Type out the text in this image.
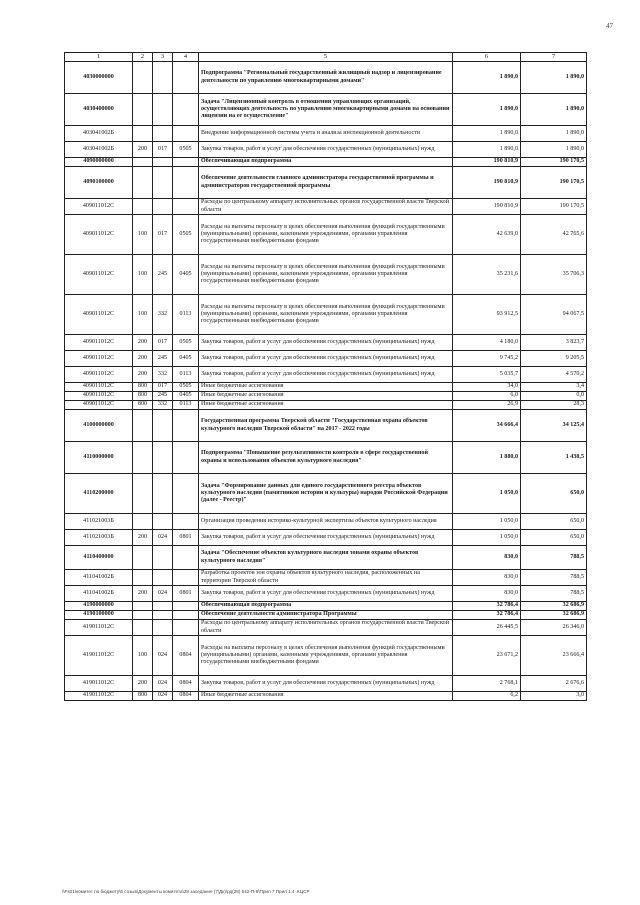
47
1	2	3	4	5	6	7
4030000000				Подпрограмма "Региональный государственный жилищный надзор и лицензирование деятельности по управлению многоквартирными домами"	1 890,0	1 890,0
4030400000				Задача "Лицензионный контроль в отношении управляющих организаций, осуществляющих деятельность по управлению многоквартирными домами на основании лицензии на ее осуществление"	1 890,0	1 890,0
403041002Б				Внедрение информационной системы учета и анализа инспекционной деятельности	1 890,0	1 890,0
403041002Б	200	017	0505	Закупка товаров, работ и услуг для обеспечения государственных (муниципальных) нужд	1 890,0	1 890,0
4090000000				Обеспечивающая подпрограмма	190 810,9	190 170,5
4090100000				Обеспечение деятельности главного администратора государственной программы и администраторов государственной программы	190 810,9	190 170,5
409011012С				Расходы по центральному аппарату исполнительных органов государственной власти Тверской области	190 810,9	190 170,5
409011012С	100	017	0505	Расходы на выплаты персоналу в целях обеспечения выполнения функций государственными (муниципальными) органами, казенными учреждениями, органами управления государственными внебюджетными фондами	42 639,0	42 765,6
409011012С	100	245	0405	Расходы на выплаты персоналу в целях обеспечения выполнения функций государственными (муниципальными) органами, казенными учреждениями, органами управления государственными внебюджетными фондами	35 231,6	35 706,3
409011012С	100	332	0113	Расходы на выплаты персоналу в целях обеспечения выполнения функций государственными (муниципальными) органами, казенными учреждениями, органами управления государственными внебюджетными фондами	93 912,5	94 067,5
409011012С	200	017	0505	Закупка товаров, работ и услуг для обеспечения государственных (муниципальных) нужд	4 180,0	3 823,7
409011012С	200	245	0405	Закупка товаров, работ и услуг для обеспечения государственных (муниципальных) нужд	9 745,2	9 205,5
409011012С	200	332	0113	Закупка товаров, работ и услуг для обеспечения государственных (муниципальных) нужд	5 035,7	4 570,2
409011012С	800	017	0505	Иные бюджетные ассигнования	34,0	3,4
409011012С	800	245	0405	Иные бюджетные ассигнования	6,0	0,0
409011012С	800	332	0113	Иные бюджетные ассигнования	26,9	28,3
4100000000				Государственная программа Тверской области "Государственная охрана объектов культурного наследия Тверской области" на 2017 - 2022 годы	34 666,4	34 125,4
4110000000				Подпрограмма "Повышение результативности контроля в сфере государственной охраны и использования объектов культурного наследия"	1 880,0	1 438,5
4110200000				Задача "Формирование данных для единого государственного реестра объектов культурного наследия (памятников истории и культуры) народов Российской Федерации (далее - Реестр)"	1 050,0	650,0
411021003Б				Организация проведения историко-культурной экспертизы объектов культурного наследия	1 050,0	650,0
411021003Б	200	024	0801	Закупка товаров, работ и услуг для обеспечения государственных (муниципальных) нужд	1 050,0	650,0
4110400000				Задача "Обеспечение объектов культурного наследия зонами охраны объектов культурного наследия"	830,0	788,5
411041002Б				Разработка проектов зон охраны объектов культурного наследия, расположенных на территории Тверской области	830,0	788,5
411041002Б	200	024	0801	Закупка товаров, работ и услуг для обеспечения государственных (муниципальных) нужд	830,0	788,5
4190000000				Обеспечивающая подпрограмма	32 786,4	32 686,9
4190100000				Обеспечение деятельности администратора Программы	32 786,4	32 686,9
419011012С				Расходы по центральному аппарату исполнительных органов государственной власти Тверской области	26 445,5	26 346,0
419011012С	100	024	0804	Расходы на выплаты персоналу в целях обеспечения выполнения функций государственными (муниципальными) органами, казенными учреждениями, органами управления государственными внебюджетными фондами	23 671,2	23 666,4
419011012С	200	024	0804	Закупка товаров, работ и услуг для обеспечения государственных (муниципальных) нужд	2 768,1	2 676,6
419011012С	800	024	0804	Иные бюджетные ассигнования	6,2	3,0
\\Fs01\комитет по бюджету\6 созыв\Документы комитета\28 заседание (7\Дк)\рд(28) 542-П-6\Прил 7 Прил 1.4 .КЦСР
